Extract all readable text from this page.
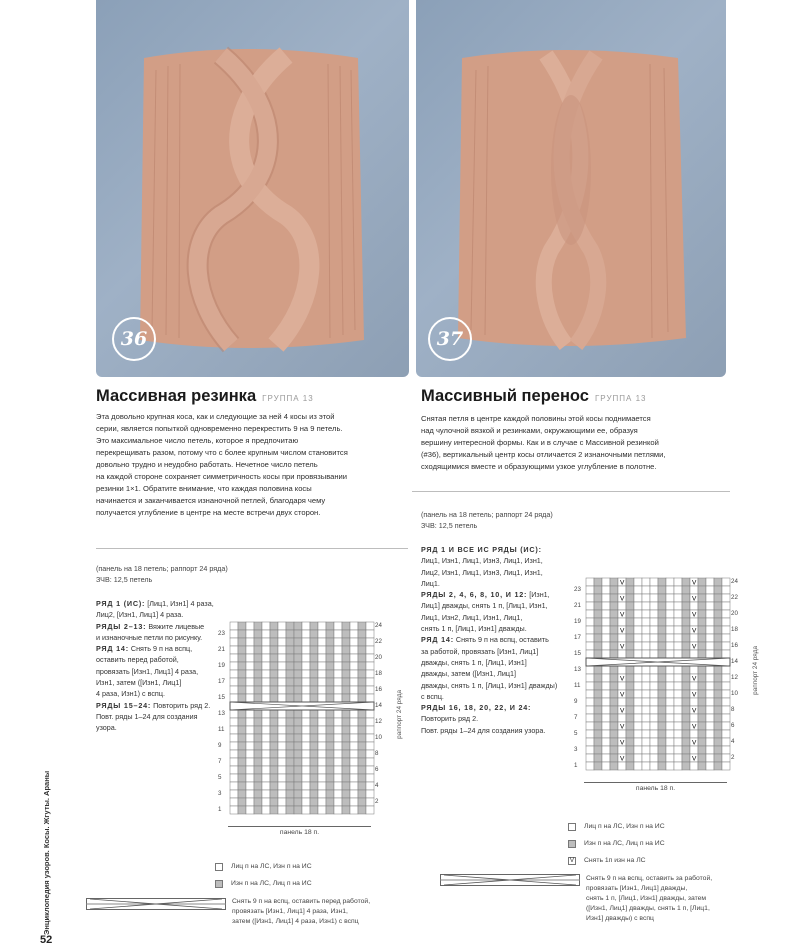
36	37
Массивная резинка ГРУППА 13
Эта довольно крупная коса, как и следующие за ней 4 косы из этой
серии, является попыткой одновременно перекрестить 9 на 9 петель.
Это максимальное число петель, которое я предпочитаю
перекрещивать разом, потому что с более крупным числом становится
довольно трудно и неудобно работать. Нечетное число петель
на каждой стороне сохраняет симметричность косы при провязывании
резинки 1×1. Обратите внимание, что каждая половина косы
начинается и заканчивается изнаночной петлей, благодаря чему
получается углубление в центре на месте встречи двух сторон.
(панель на 18 петель; раппорт 24 ряда)
ЗЧВ: 12,5 петель
РЯД 1 (ИС): [Лиц1, Изн1] 4 раза,
Лиц2, [Изн1, Лиц1] 4 раза.
РЯДЫ 2–13: Вяжите лицевые
и изнаночные петли по рисунку.
РЯД 14: Снять 9 п на вспц,
оставить перед работой,
провязать [Изн1, Лиц1] 4 раза,
Изн1, затем ([Изн1, Лиц1]
4 раза, Изн1) с вспц.
РЯДЫ 15–24: Повторить ряд 2.
Повт. ряды 1–24 для создания
узора.
23
21
19
17
15
13
11
9
7
5
3
1
24
22
20
18
16
14
12
10
8
6
4
2
панель 18 п.
раппорт 24 ряда
Лиц п на ЛС, Изн п на ИС
Изн п на ЛС, Лиц п на ИС
Снять 9 п на вспц, оставить перед работой,
провязать [Изн1, Лиц1] 4 раза, Изн1,
затем ([Изн1, Лиц1] 4 раза, Изн1) с вспц
Массивный перенос ГРУППА 13
Снятая петля в центре каждой половины этой косы поднимается
над чулочной вязкой и резинками, окружающими ее, образуя
вершину интересной формы. Как и в случае с Массивной резинкой
(#36), вертикальный центр косы отличается 2 изнаночными петлями,
сходящимися вместе и образующими узкое углубление в полотне.
(панель на 18 петель; раппорт 24 ряда)
ЗЧВ: 12,5 петель
РЯД 1 И ВСЕ ИС РЯДЫ (ИС):
Лиц1, Изн1, Лиц1, Изн3, Лиц1, Изн1,
Лиц2, Изн1, Лиц1, Изн3, Лиц1, Изн1,
Лиц1.
РЯДЫ 2, 4, 6, 8, 10, И 12: [Изн1,
Лиц1] дважды, снять 1 п, [Лиц1, Изн1,
Лиц1, Изн2, Лиц1, Изн1, Лиц1,
снять 1 п, [Лиц1, Изн1] дважды.
РЯД 14: Снять 9 п на вспц, оставить
за работой, провязать [Изн1, Лиц1]
дважды, снять 1 п, [Лиц1, Изн1]
дважды, затем ([Изн1, Лиц1]
дважды, снять 1 п, [Лиц1, Изн1] дважды)
с вспц.
РЯДЫ 16, 18, 20, 22, И 24:
Повторить ряд 2.
Повт. ряды 1–24 для создания узора.
V	V
V	V
V	V
V	V
V	V
V	V
V	V
V	V
V	V
V	V
V	V
23
21
19
17
15
13
11
9
7
5
3
1
24
22
20
18
16
14
12
10
8
6
4
2
панель 18 п.
раппорт 24 ряда
Лиц п на ЛС, Изн п на ИС
Изн п на ЛС, Лиц п на ИС
V Снять 1п изн на ЛС
Снять 9 п на вспц, оставить за работой,
провязать [Изн1, Лиц1] дважды,
снять 1 п, [Лиц1, Изн1] дважды, затем
([Изн1, Лиц1] дважды, снять 1 п, [Лиц1,
Изн1] дважды) с вспц
Энциклопедия узоров. Косы. Жгуты. Араны
52
